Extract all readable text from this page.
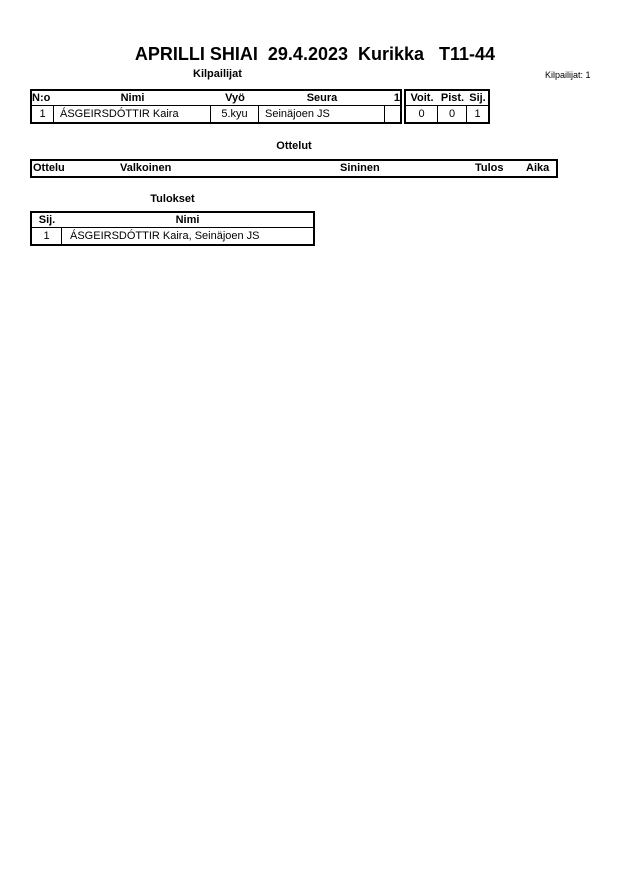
APRILLI SHIAI  29.4.2023  Kurikka   T11-44
Kilpailijat	Kilpailijat: 1
N:o	Nimi	Vyö	Seura	1
1	ÁSGEIRSDÓTTIR Kaira	5.kyu	Seinäjoen JS
Voit. Pist. Sij.
0	0	1
Ottelut
Ottelu	Valkoinen	Sininen	Tulos Aika
Tulokset
Sij.	Nimi
1	ÁSGEIRSDÓTTIR Kaira, Seinäjoen JS
